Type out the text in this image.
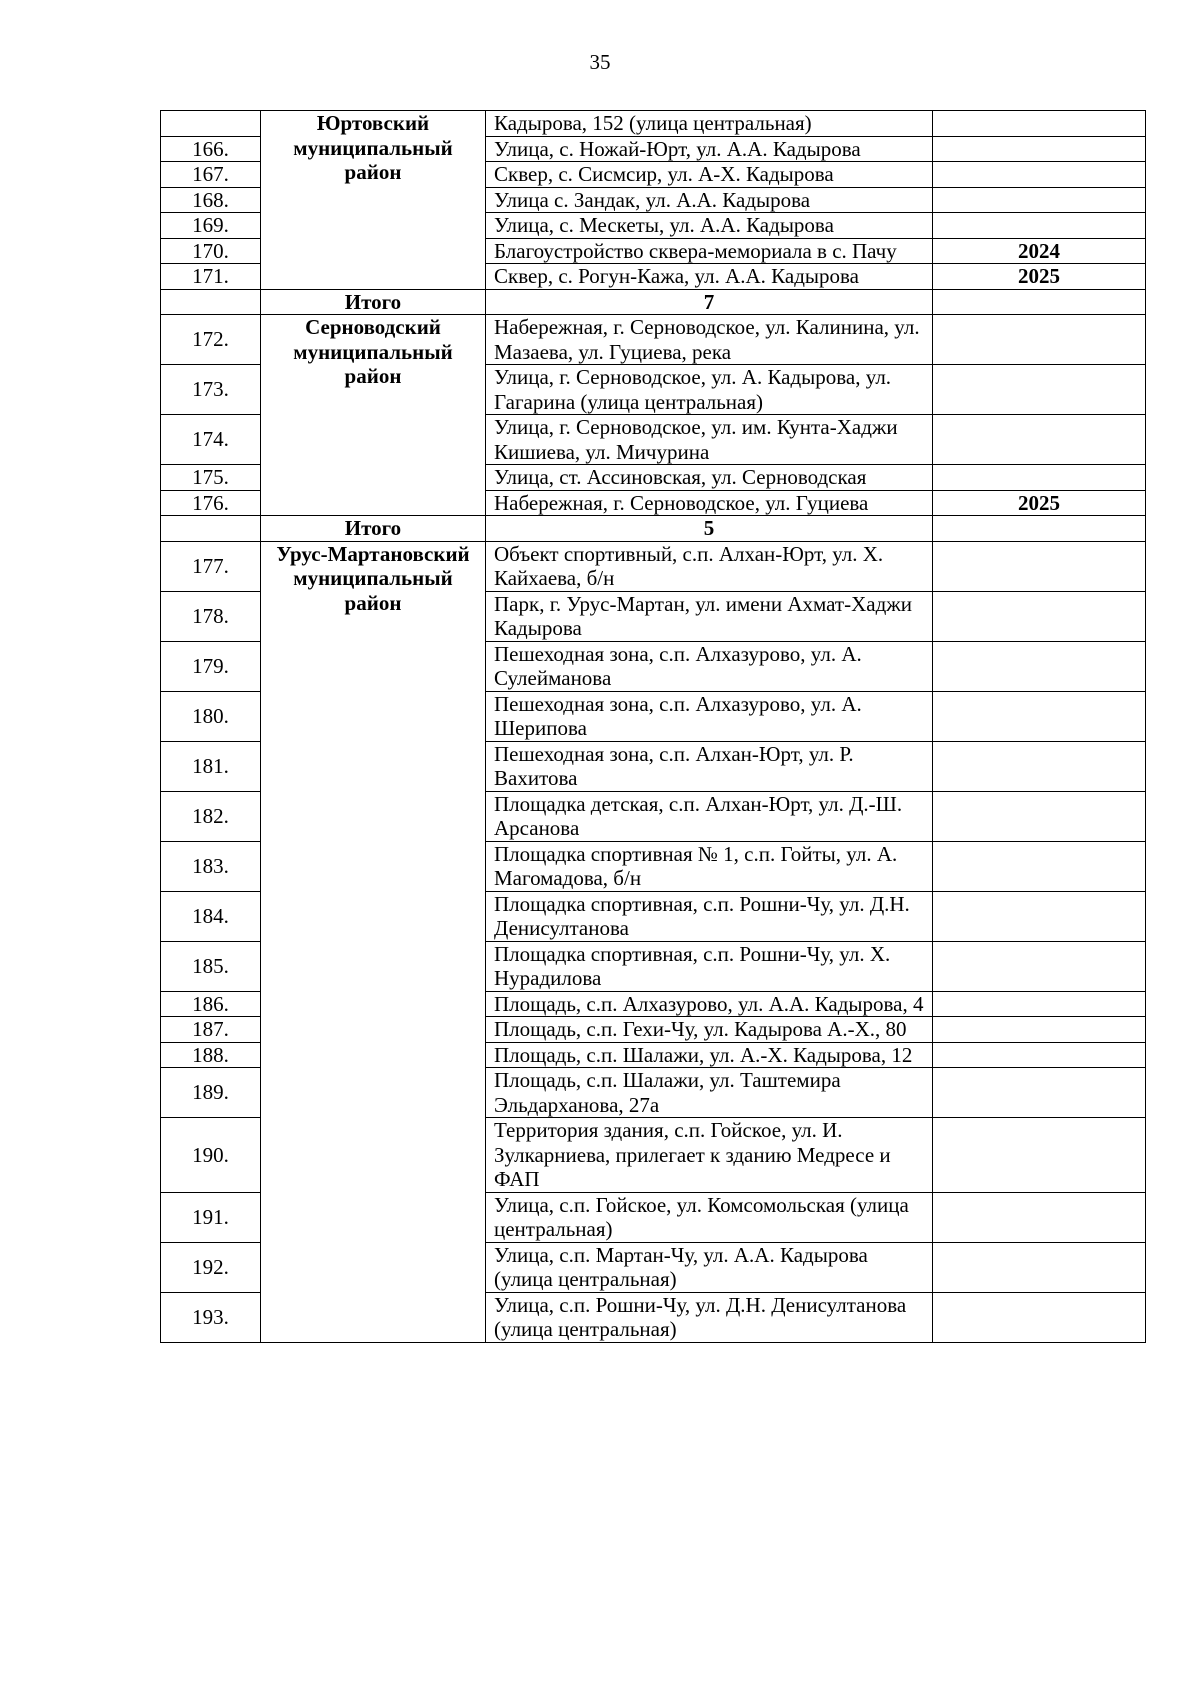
35
	Юртовский муниципальный район	Кадырова, 152 (улица центральная)	
166.		Улица, с. Ножай-Юрт, ул. А.А. Кадырова	
167.		Сквер, с. Сисмсир, ул. А-Х. Кадырова	
168.		Улица с. Зандак, ул. А.А. Кадырова	
169.		Улица, с. Мескеты, ул. А.А. Кадырова	
170.		Благоустройство сквера-мемориала в с. Пачу	2024
171.		Сквер, с. Рогун-Кажа, ул. А.А. Кадырова	2025
	Итого	7	
172.	Серноводский муниципальный район	Набережная, г. Серноводское, ул. Калинина, ул. Мазаева, ул. Гуциева, река	
173.		Улица, г. Серноводское, ул. А. Кадырова, ул. Гагарина (улица центральная)	
174.		Улица, г. Серноводское, ул. им. Кунта-Хаджи Кишиева, ул. Мичурина	
175.		Улица, ст. Ассиновская, ул. Серноводская	
176.		Набережная, г. Серноводское, ул. Гуциева	2025
	Итого	5	
177.	Урус-Мартановский муниципальный район	Объект спортивный, с.п. Алхан-Юрт, ул. Х. Кайхаева, б/н	
178.		Парк, г. Урус-Мартан, ул. имени Ахмат-Хаджи Кадырова	
179.		Пешеходная зона, с.п. Алхазурово, ул. А. Сулейманова	
180.		Пешеходная зона, с.п. Алхазурово, ул. А. Шерипова	
181.		Пешеходная зона, с.п. Алхан-Юрт, ул. Р. Вахитова	
182.		Площадка детская, с.п. Алхан-Юрт, ул. Д.-Ш. Арсанова	
183.		Площадка спортивная № 1, с.п. Гойты, ул. А. Магомадова, б/н	
184.		Площадка спортивная, с.п. Рошни-Чу, ул. Д.Н. Денисултанова	
185.		Площадка спортивная, с.п. Рошни-Чу, ул. Х. Нурадилова	
186.		Площадь, с.п. Алхазурово, ул. А.А. Кадырова, 4	
187.		Площадь, с.п. Гехи-Чу, ул. Кадырова А.-Х., 80	
188.		Площадь, с.п. Шалажи, ул. А.-Х. Кадырова, 12	
189.		Площадь, с.п. Шалажи, ул. Таштемира Эльдарханова, 27а	
190.		Территория здания, с.п. Гойское, ул. И. Зулкарниева, прилегает к зданию Медресе и ФАП	
191.		Улица, с.п. Гойское, ул. Комсомольская (улица центральная)	
192.		Улица, с.п. Мартан-Чу, ул. А.А. Кадырова (улица центральная)	
193.		Улица, с.п. Рошни-Чу, ул. Д.Н. Денисултанова (улица центральная)	
